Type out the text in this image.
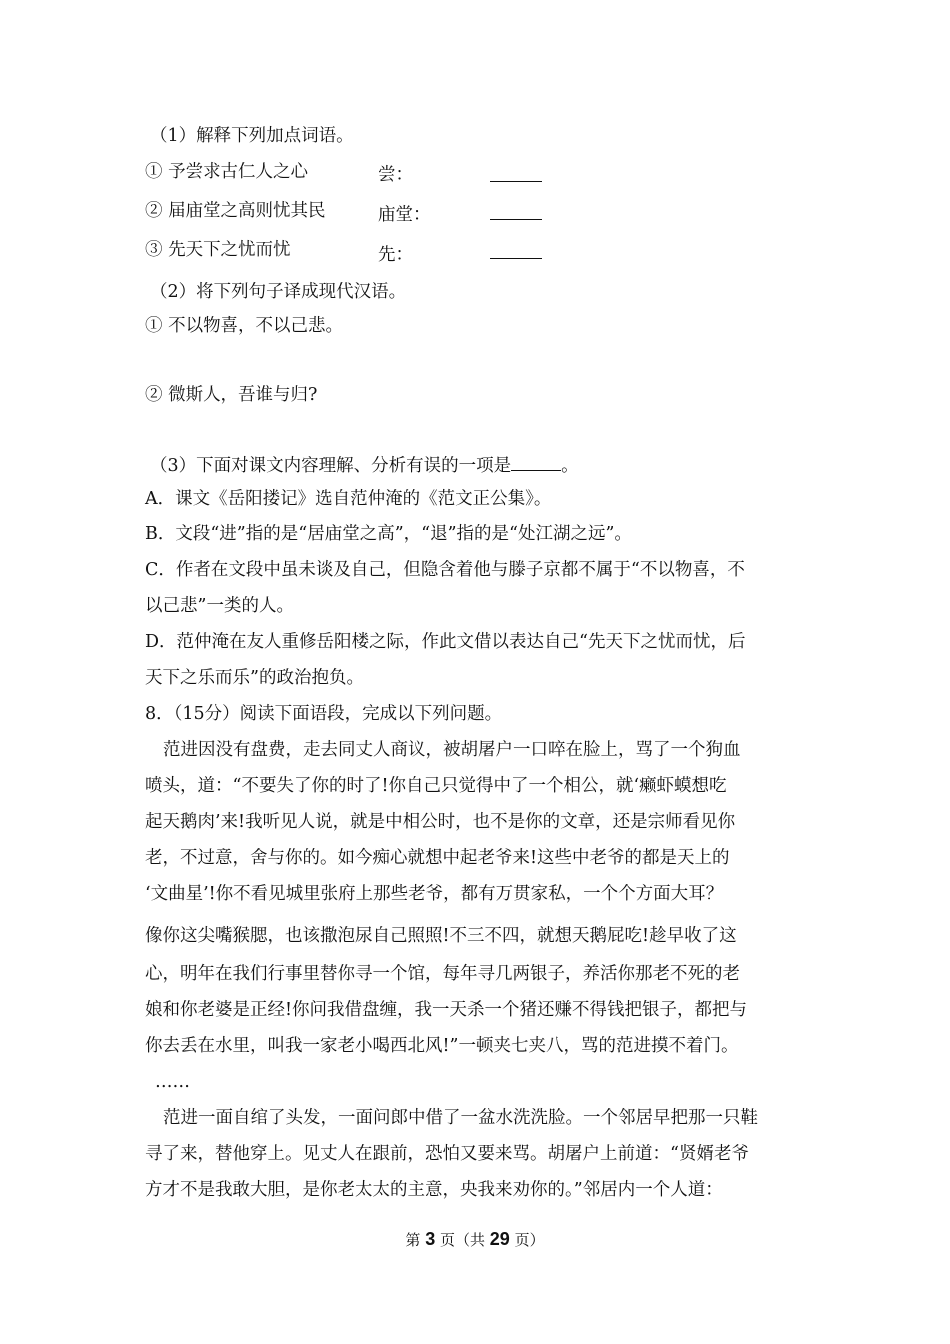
（1）解释下列加点词语。
① 予尝求古仁人之心	尝：
② 届庙堂之高则忧其民	庙堂：
③ 先天下之忧而忧	先：
（2）将下列句子译成现代汉语。
① 不以物喜，不以己悲。
② 微斯人，吾谁与归?
（3）下面对课文内容理解、分析有误的一项是	。
A．课文《岳阳搂记》选自范仲淹的《范文正公集》。
B．文段“进”指的是“居庙堂之高”，“退”指的是“处江湖之远”。
C．作者在文段中虽未谈及自己，但隐含着他与滕子京都不属于“不以物喜，不
以己悲”一类的人。
D．范仲淹在友人重修岳阳楼之际，作此文借以表达自己“先天下之忧而忧，后
天下之乐而乐”的政治抱负。
8．（15分）阅读下面语段，完成以下列问题。
范进因没有盘费，走去同丈人商议，被胡屠户一口啐在脸上，骂了一个狗血
喷头，道：“不要失了你的时了!你自己只觉得中了一个相公，就‘癞虾蟆想吃
起天鹅肉’来!我听见人说，就是中相公时，也不是你的文章，还是宗师看见你
老，不过意，舍与你的。如今痴心就想中起老爷来!这些中老爷的都是天上的
‘文曲星’!你不看见城里张府上那些老爷，都有万贯家私，一个个方面大耳？
像你这尖嘴猴腮，也该撒泡尿自己照照!不三不四，就想天鹅屁吃!趁早收了这
心，明年在我们行事里替你寻一个馆，每年寻几两银子，养活你那老不死的老
娘和你老婆是正经!你问我借盘缠，我一天杀一个猪还赚不得钱把银子，都把与
你去丢在水里，叫我一家老小喝西北风!”一顿夹七夹八，骂的范进摸不着门。
……
范进一面自绾了头发，一面问郎中借了一盆水洗洗脸。一个邻居早把那一只鞋
寻了来，替他穿上。见丈人在跟前，恐怕又要来骂。胡屠户上前道：“贤婿老爷
方才不是我敢大胆，是你老太太的主意，央我来劝你的。”邻居内一个人道：
第 3 页（共 29 页）
